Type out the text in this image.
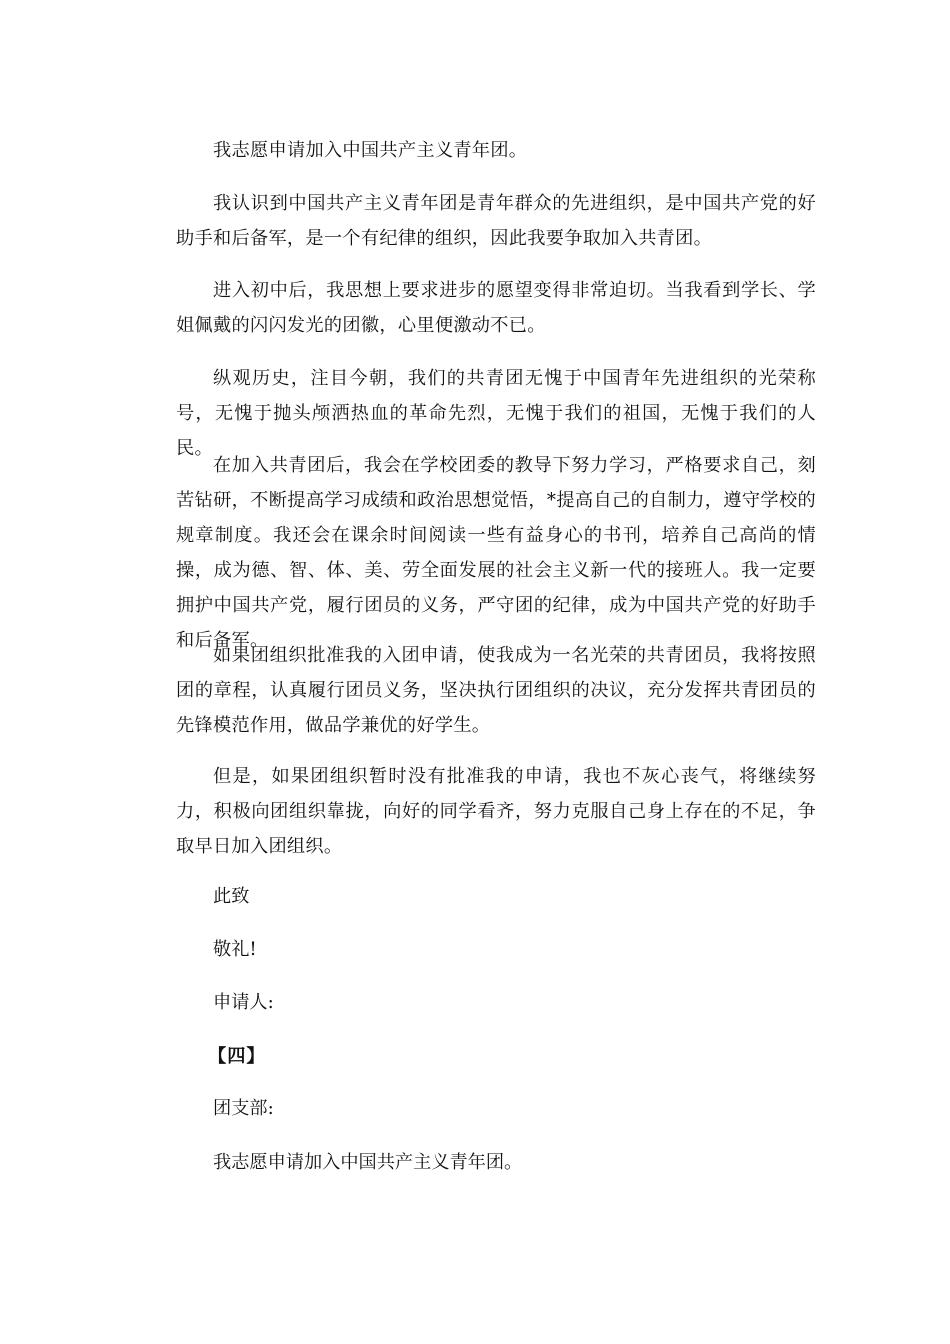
我志愿申请加入中国共产主义青年团。

我认识到中国共产主义青年团是青年群众的先进组织，是中国共产党的好助手和后备军，是一个有纪律的组织，因此我要争取加入共青团。

进入初中后，我思想上要求进步的愿望变得非常迫切。当我看到学长、学姐佩戴的闪闪发光的团徽，心里便激动不已。

纵观历史，注目今朝，我们的共青团无愧于中国青年先进组织的光荣称号，无愧于抛头颅洒热血的革命先烈，无愧于我们的祖国，无愧于我们的人民。

在加入共青团后，我会在学校团委的教导下努力学习，严格要求自己，刻苦钻研，不断提高学习成绩和政治思想觉悟，*提高自己的自制力，遵守学校的规章制度。我还会在课余时间阅读一些有益身心的书刊，培养自己高尚的情操，成为德、智、体、美、劳全面发展的社会主义新一代的接班人。我一定要拥护中国共产党，履行团员的义务，严守团的纪律，成为中国共产党的好助手和后备军。

如果团组织批准我的入团申请，使我成为一名光荣的共青团员，我将按照团的章程，认真履行团员义务，坚决执行团组织的决议，充分发挥共青团员的先锋模范作用，做品学兼优的好学生。

但是，如果团组织暂时没有批准我的申请，我也不灰心丧气，将继续努力，积极向团组织靠拢，向好的同学看齐，努力克服自己身上存在的不足，争取早日加入团组织。

此致

敬礼!

申请人:

【四】

团支部:

我志愿申请加入中国共产主义青年团。
